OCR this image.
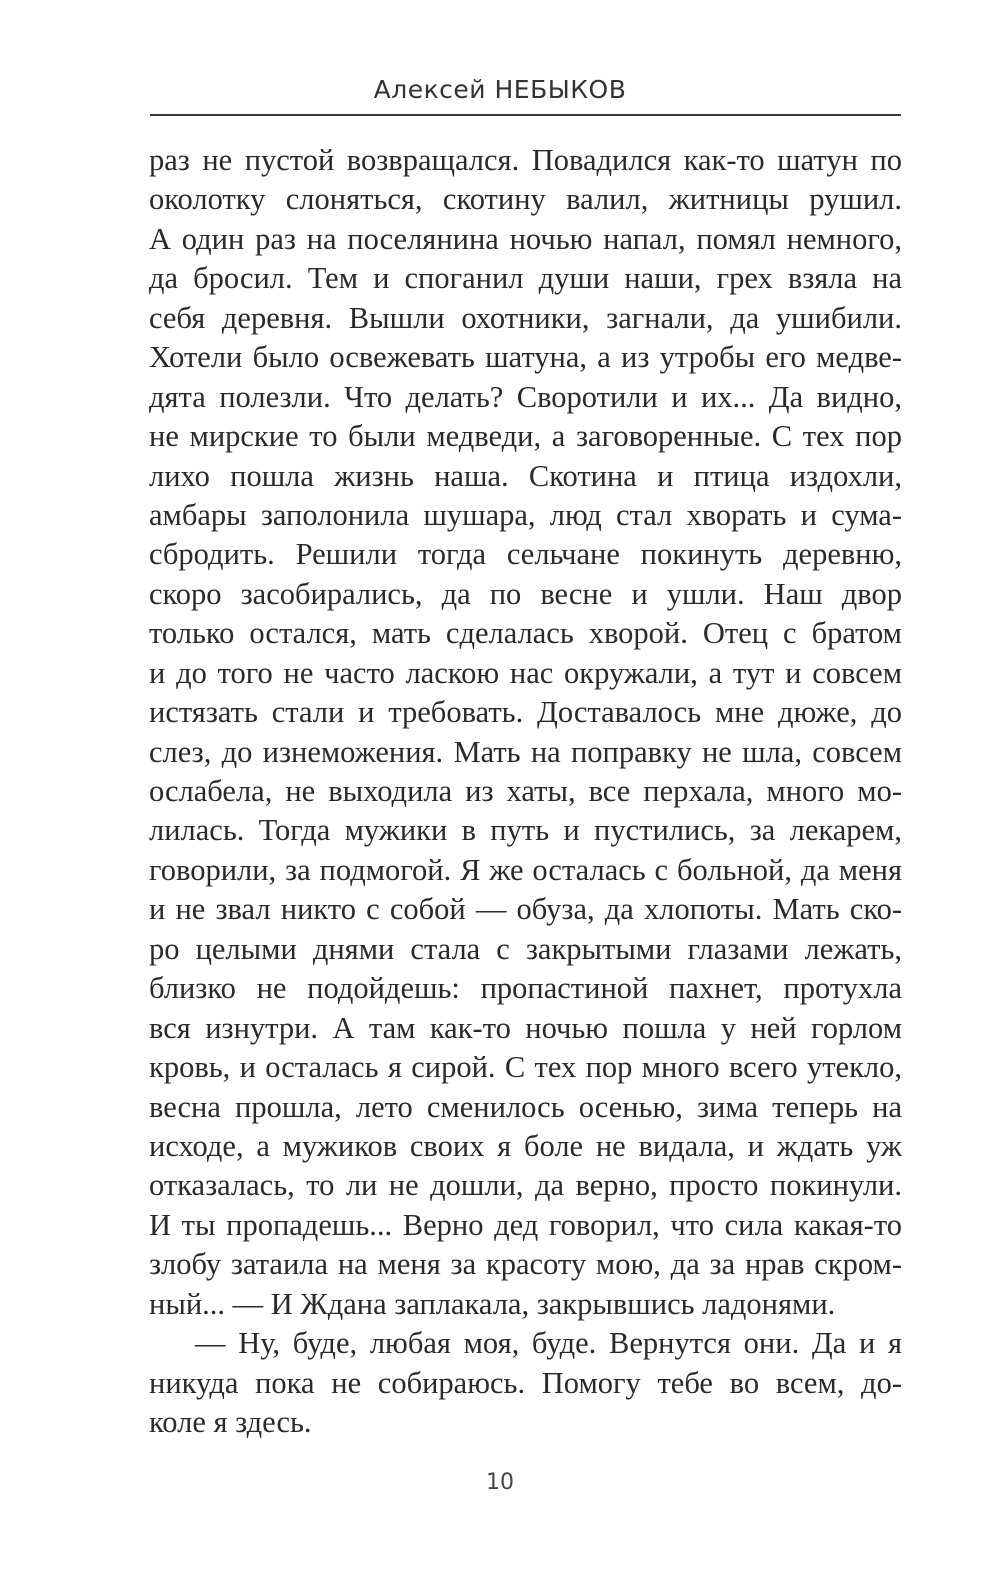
Алексей НЕБЫКОВ
раз не пустой возвращался. Повадился как-то шатун по
околотку слоняться, скотину валил, житницы рушил.
А один раз на поселянина ночью напал, помял немного,
да бросил. Тем и споганил души наши, грех взяла на
себя деревня. Вышли охотники, загнали, да ушибили.
Хотели было освежевать шатуна, а из утробы его медве-
дята полезли. Что делать? Своротили и их... Да видно,
не мирские то были медведи, а заговоренные. С тех пор
лихо пошла жизнь наша. Скотина и птица издохли,
амбары заполонила шушара, люд стал хворать и сума-
сбродить. Решили тогда сельчане покинуть деревню,
скоро засобирались, да по весне и ушли. Наш двор
только остался, мать сделалась хворой. Отец с братом
и до того не часто ласкою нас окружали, а тут и совсем
истязать стали и требовать. Доставалось мне дюже, до
слез, до изнеможения. Мать на поправку не шла, совсем
ослабела, не выходила из хаты, все перхала, много мо-
лилась. Тогда мужики в путь и пустились, за лекарем,
говорили, за подмогой. Я же осталась с больной, да меня
и не звал никто с собой — обуза, да хлопоты. Мать ско-
ро целыми днями стала с закрытыми глазами лежать,
близко не подойдешь: пропастиной пахнет, протухла
вся изнутри. А там как-то ночью пошла у ней горлом
кровь, и осталась я сирой. С тех пор много всего утекло,
весна прошла, лето сменилось осенью, зима теперь на
исходе, а мужиков своих я боле не видала, и ждать уж
отказалась, то ли не дошли, да верно, просто покинули.
И ты пропадешь... Верно дед говорил, что сила какая-то
злобу затаила на меня за красоту мою, да за нрав скром-
ный... — И Ждана заплакала, закрывшись ладонями.
— Ну, буде, любая моя, буде. Вернутся они. Да и я
никуда пока не собираюсь. Помогу тебе во всем, до-
коле я здесь.
10
